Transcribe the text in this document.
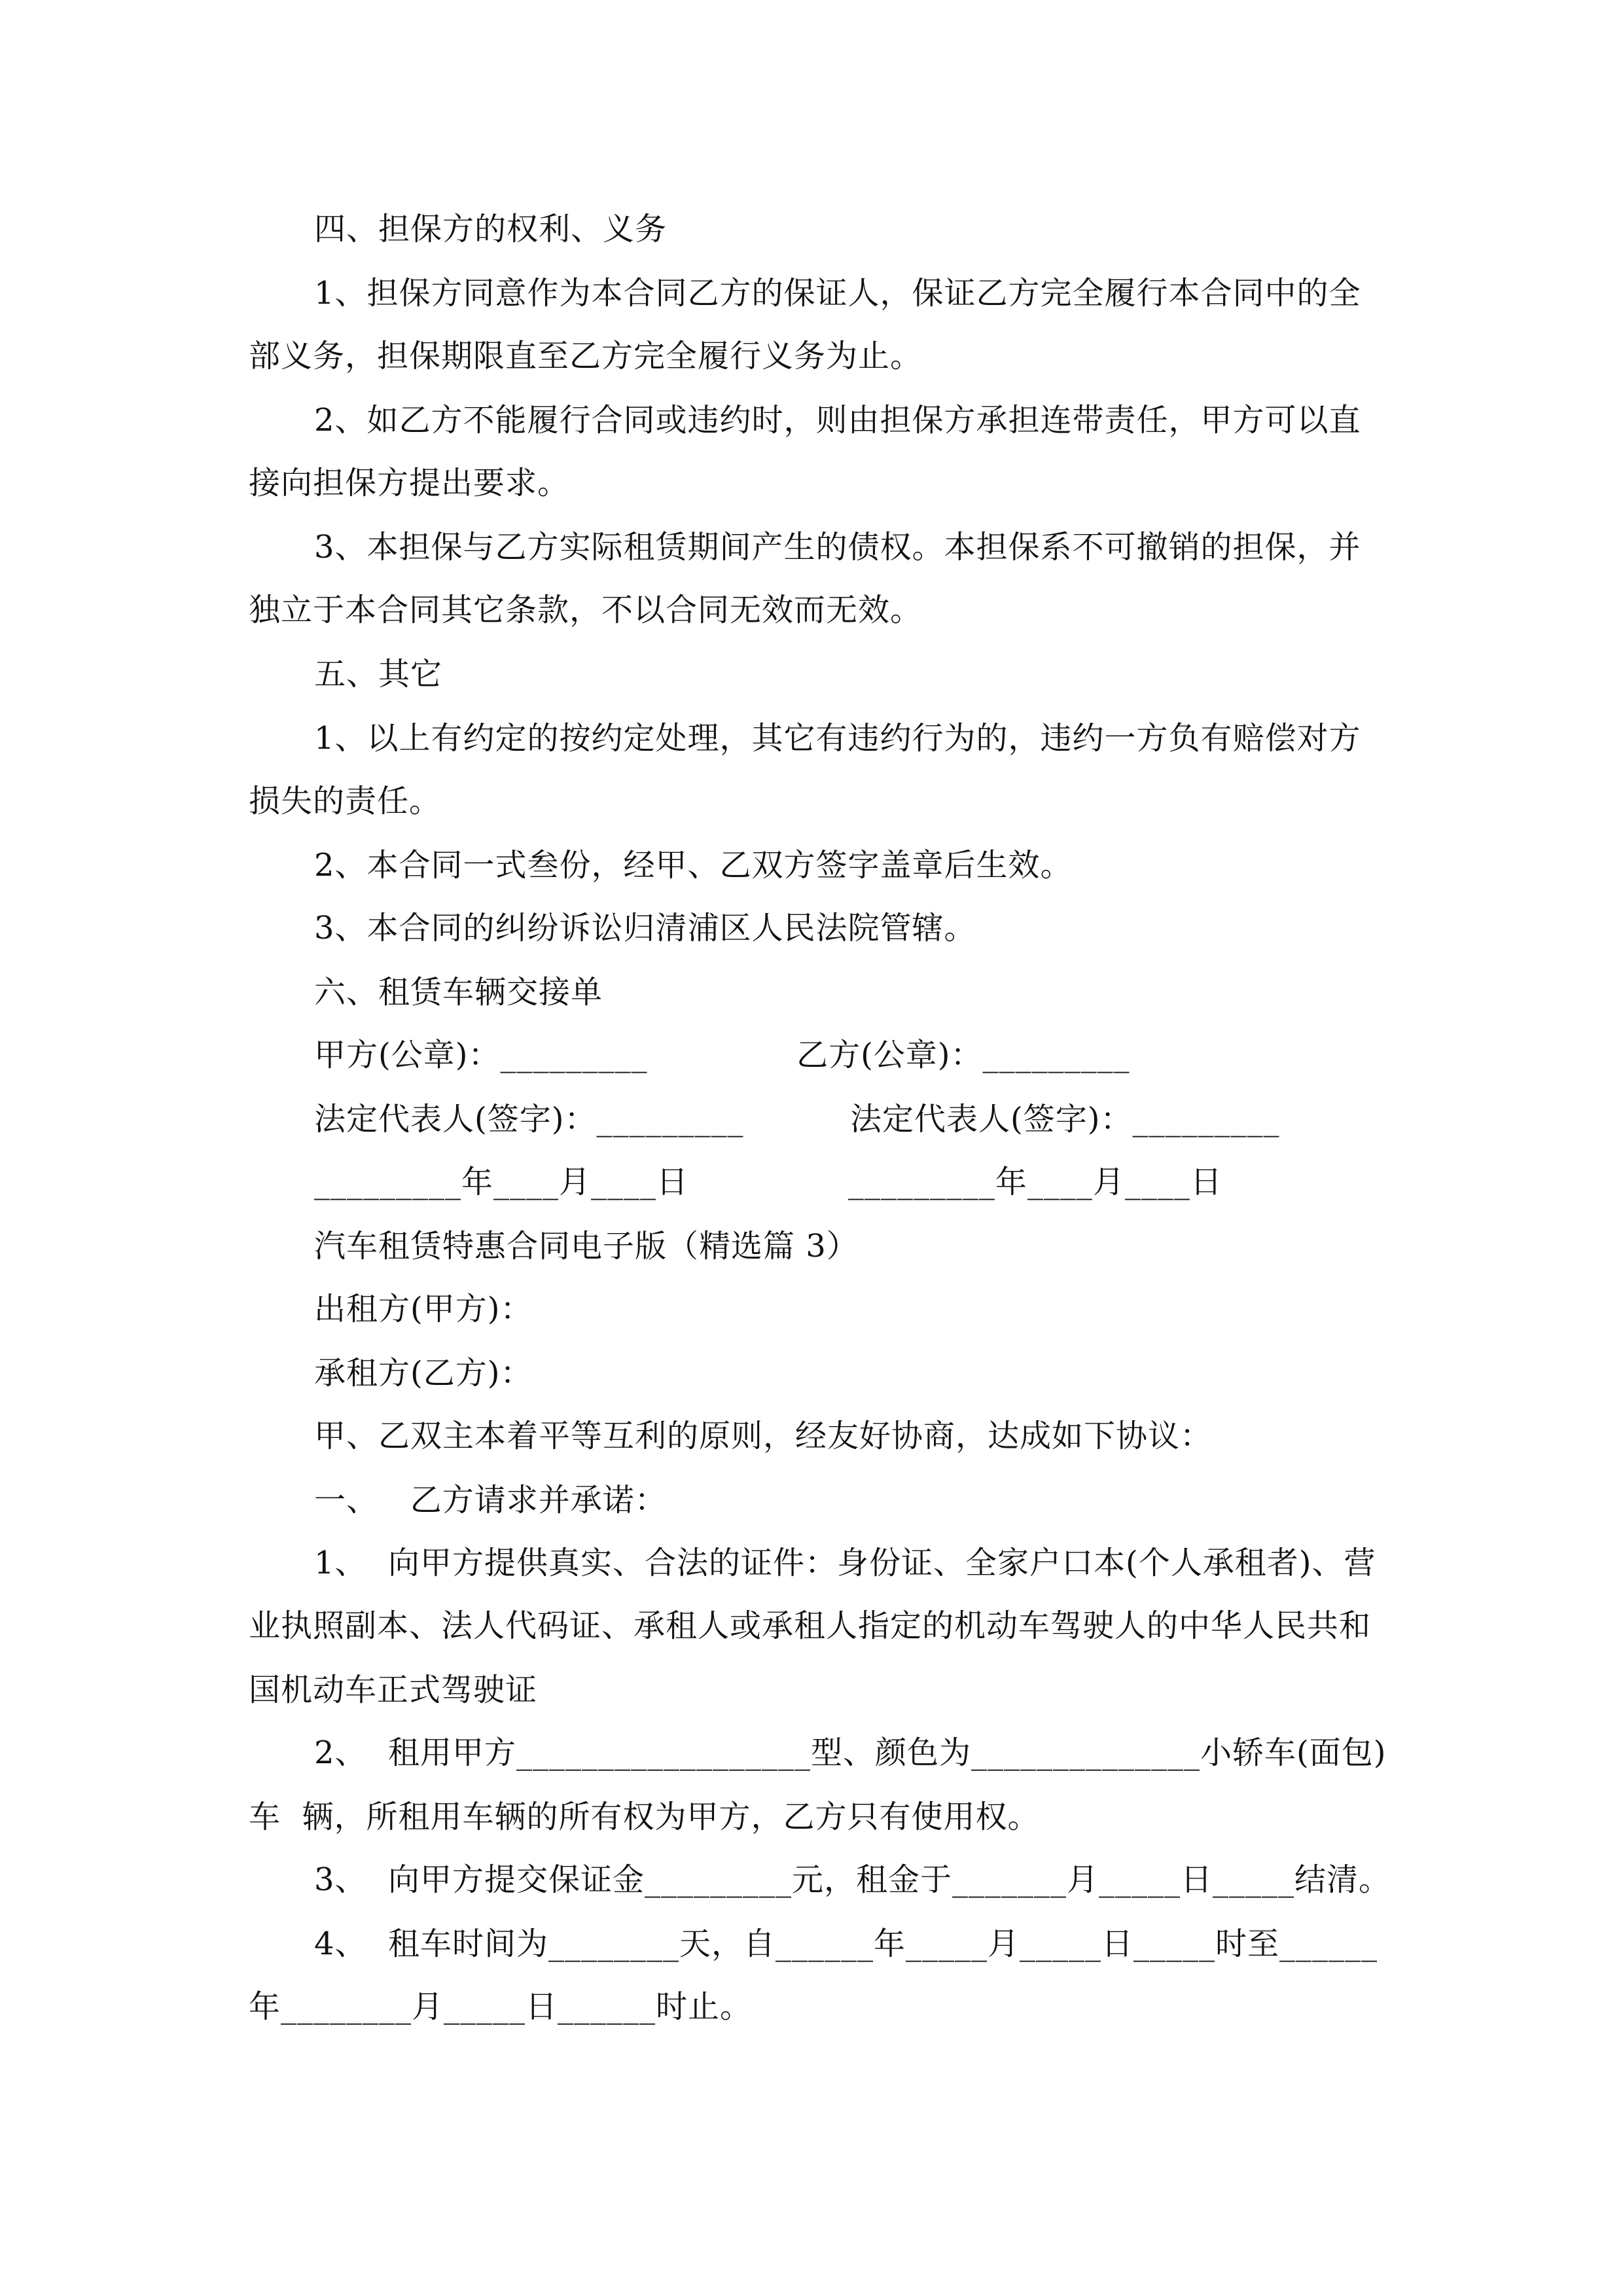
四、担保方的权利、义务
1、担保方同意作为本合同乙方的保证人，保证乙方完全履行本合同中的全
部义务，担保期限直至乙方完全履行义务为止。
2、如乙方不能履行合同或违约时，则由担保方承担连带责任，甲方可以直
接向担保方提出要求。
3、本担保与乙方实际租赁期间产生的债权。本担保系不可撤销的担保，并
独立于本合同其它条款，不以合同无效而无效。
五、其它
1、以上有约定的按约定处理，其它有违约行为的，违约一方负有赔偿对方
损失的责任。
2、本合同一式叁份，经甲、乙双方签字盖章后生效。
3、本合同的纠纷诉讼归清浦区人民法院管辖。
六、租赁车辆交接单
甲方(公章)：_________              乙方(公章)：_________
法定代表人(签字)：_________          法定代表人(签字)：_________
_________年____月____日               _________年____月____日
汽车租赁特惠合同电子版（精选篇 3）
出租方(甲方)：
承租方(乙方)：
甲、乙双主本着平等互利的原则，经友好协商，达成如下协议：
一、   乙方请求并承诺：
1、  向甲方提供真实、合法的证件：身份证、全家户口本(个人承租者)、营
业执照副本、法人代码证、承租人或承租人指定的机动车驾驶人的中华人民共和
国机动车正式驾驶证
2、  租用甲方__________________型、颜色为______________小轿车(面包)
车  辆，所租用车辆的所有权为甲方，乙方只有使用权。
3、  向甲方提交保证金_________元，租金于_______月_____日_____结清。
4、  租车时间为________天，自______年_____月_____日_____时至______
年________月_____日______时止。
